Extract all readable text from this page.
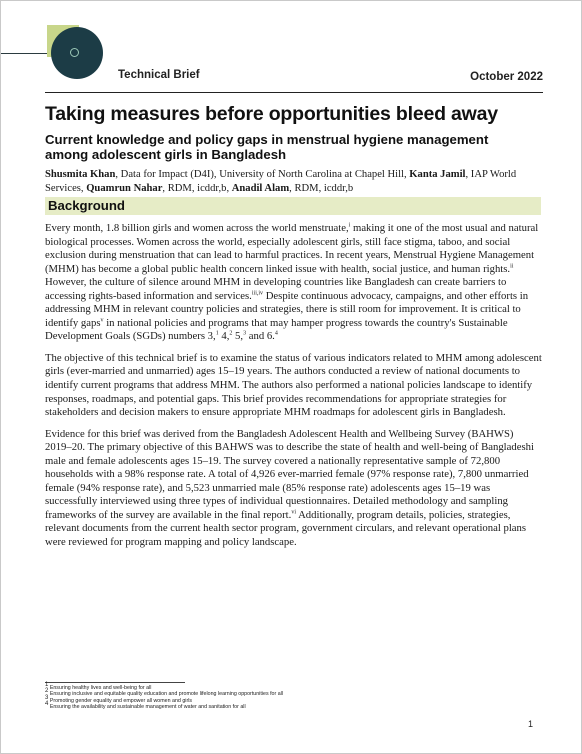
Technical Brief	October 2022
Taking measures before opportunities bleed away
Current knowledge and policy gaps in menstrual hygiene management among adolescent girls in Bangladesh
Shusmita Khan, Data for Impact (D4I), University of North Carolina at Chapel Hill, Kanta Jamil, IAP World Services, Quamrun Nahar, RDM, icddr,b, Anadil Alam, RDM, icddr,b
Background

Every month, 1.8 billion girls and women across the world menstruate,$^i$ making it one of the most usual and natural biological processes. Women across the world, especially adolescent girls, still face stigma, taboo, and social exclusion during menstruation that can lead to harmful practices. In recent years, Menstrual Hygiene Management (MHM) has become a global public health concern linked issue with health, social justice, and human rights.$^{ii}$ However, the culture of silence around MHM in developing countries like Bangladesh can create barriers to accessing rights-based information and services.$^{iii,iv}$ Despite continuous advocacy, campaigns, and other efforts in addressing MHM in relevant country policies and strategies, there is still room for improvement. It is critical to identify gaps$^v$ in national policies and programs that may hamper progress towards the country's Sustainable Development Goals (SGDs) numbers 3,$^1$ 4,$^2$ 5,$^3$ and 6.$^4$

The objective of this technical brief is to examine the status of various indicators related to MHM among adolescent girls (ever-married and unmarried) ages 15–19 years. The authors conducted a review of national documents to identify current programs that address MHM. The authors also performed a national policies landscape to identify responses, roadmaps, and potential gaps. This brief provides recommendations for appropriate strategies for stakeholders and decision makers to ensure appropriate MHM roadmaps for adolescent girls in Bangladesh.

Evidence for this brief was derived from the Bangladesh Adolescent Health and Wellbeing Survey (BAHWS) 2019–20. The primary objective of this BAHWS was to describe the state of health and well-being of Bangladeshi male and female adolescents ages 15–19. The survey covered a nationally representative sample of 72,800 households with a 98% response rate. A total of 4,926 ever-married female (97% response rate), 7,800 unmarried female (94% response rate), and 5,523 unmarried male (85% response rate) adolescents ages 15–19 was successfully interviewed using three types of individual questionnaires. Detailed methodology and sampling frameworks of the survey are available in the final report.$^{vi}$ Additionally, program details, policies, strategies, relevant documents from the current health sector program, government circulars, and relevant operational plans were reviewed for program mapping and policy landscape.

$^1$ Ensuring healthy lives and well-being for all
$^2$ Ensuring inclusive and equitable quality education and promote lifelong learning opportunities for all
$^3$ Promoting gender equality and empower all women and girls
$^4$ Ensuring the availability and sustainable management of water and sanitation for all
1
